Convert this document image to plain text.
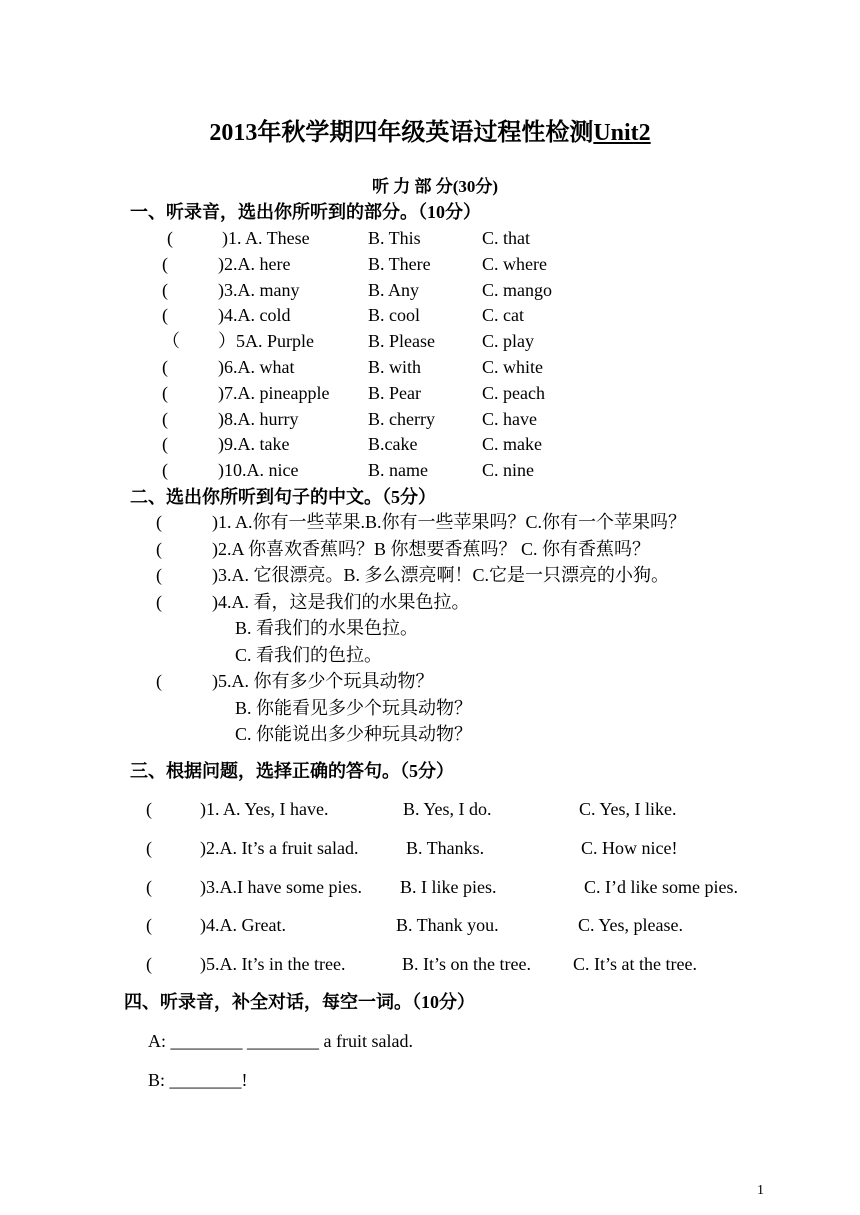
2013年秋学期四年级英语过程性检测Unit2
听 力 部 分(30分)
一、听录音，选出你所听到的部分。（10分）
(	)1. A. These	B. This	C. that
(	)2.A. here	B. There	C. where
(	)3.A. many	B. Any	C. mango
(	)4.A. cold	B. cool	C. cat
（ ）5A. Purple	B. Please	C. play
(	)6.A. what	B. with	C. white
(	)7.A. pineapple B. Pear	C. peach
(	)8.A. hurry	B. cherry	C. have
(	)9.A. take	B.cake	C. make
(	)10.A. nice	B. name	C. nine
二、选出你所听到句子的中文。（5分）
(	)1. A.你有一些苹果.B.你有一些苹果吗？C.你有一个苹果吗？
(	)2.A 你喜欢香蕉吗？B 你想要香蕉吗？ C. 你有香蕉吗？
(	)3.A. 它很漂亮。B. 多么漂亮啊！C.它是一只漂亮的小狗。
(	)4.A. 看，这是我们的水果色拉。
B. 看我们的水果色拉。
C. 看我们的色拉。
(	)5.A. 你有多少个玩具动物？
B. 你能看见多少个玩具动物？
C. 你能说出多少种玩具动物？
三、根据问题，选择正确的答句。（5分）
(	)1. A. Yes, I have.	B. Yes, I do.	C. Yes, I like.
(	)2.A. It’s a fruit salad.	B. Thanks.	C. How nice!
(	)3.A.I have some pies. B. I like pies.	C. I’d like some pies.
(	)4.A. Great.	B. Thank you.	C. Yes, please.
(	)5.A. It’s in the tree.	B. It’s on the tree. C. It’s at the tree.
四、听录音，补全对话，每空一词。（10分）
A: ________ ________ a fruit salad.
B: ________!
1
